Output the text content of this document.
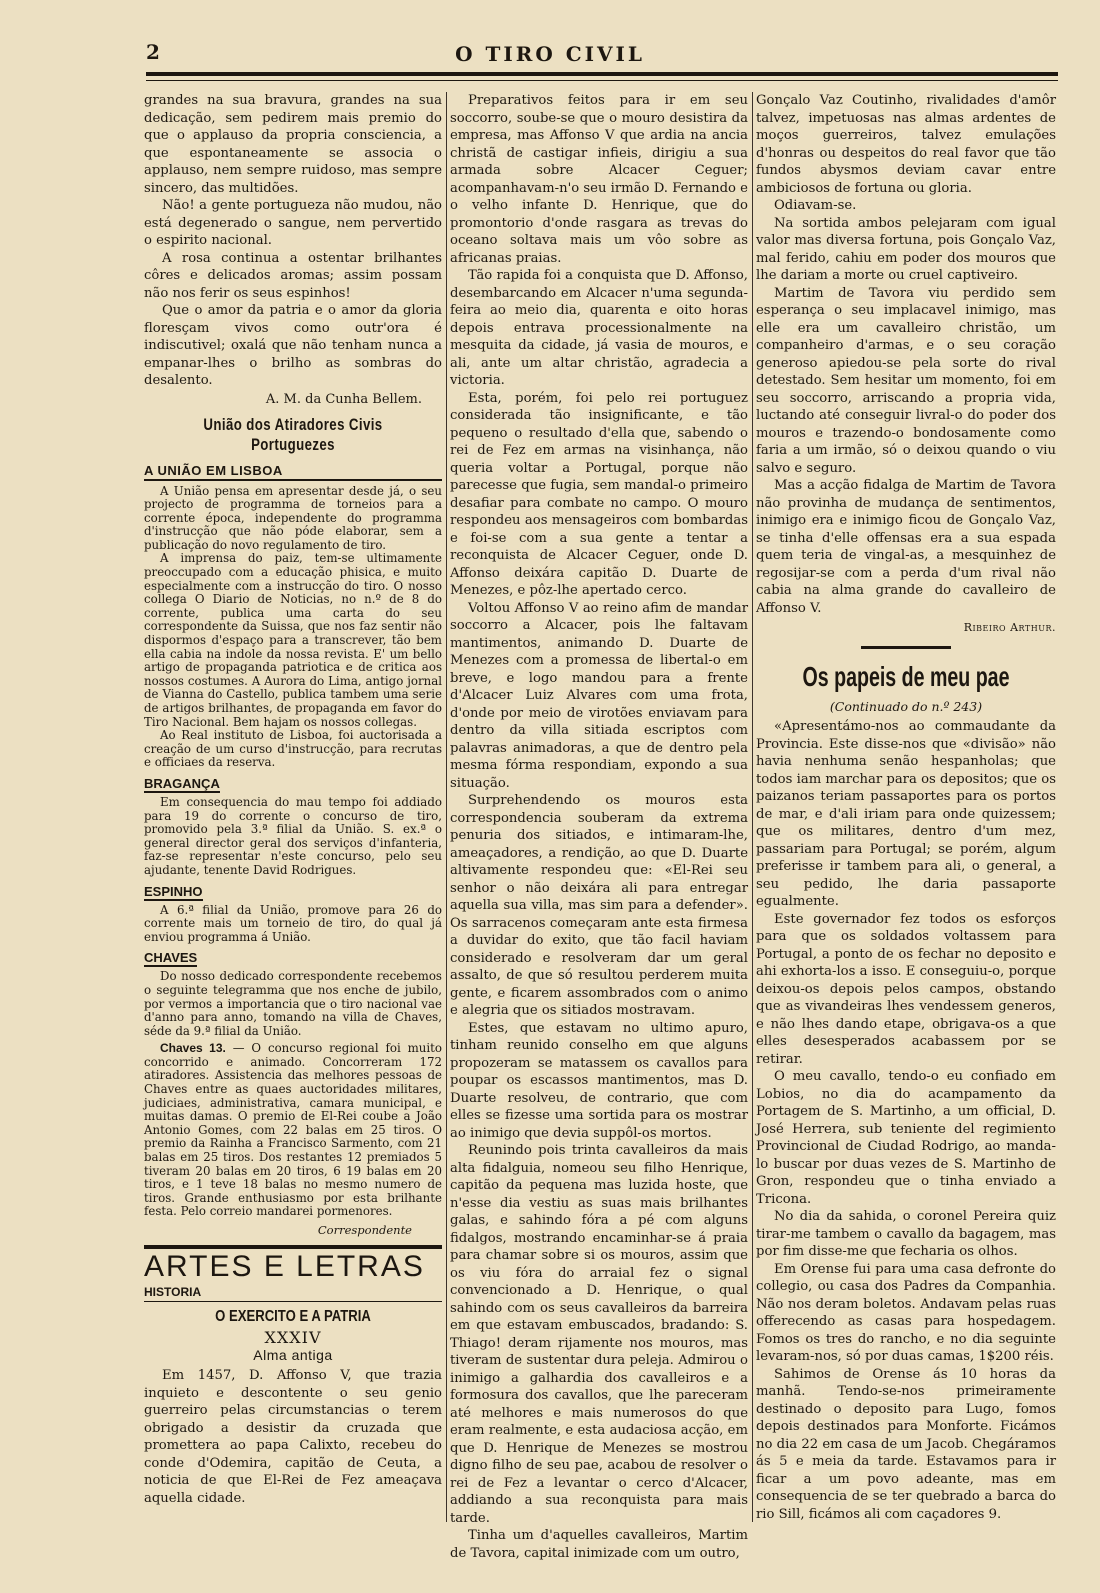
2	O TIRO CIVIL

grandes na sua bravura, grandes na sua dedicação, sem pedirem mais premio do que o applauso da propria consciencia, a que espontaneamente se associa o applauso, nem sempre ruidoso, mas sempre sincero, das multidões.

Não! a gente portugueza não mudou, não está degenerado o sangue, nem pervertido o espirito nacional.

A rosa continua a ostentar brilhantes côres e delicados aromas; assim possam não nos ferir os seus espinhos!

Que o amor da patria e o amor da gloria floresçam vivos como outr'ora é indiscutivel; oxalá que não tenham nunca a empanar-lhes o brilho as sombras do desalento.

A. M. da Cunha Bellem.

União dos Atiradores Civis Portuguezes
A UNIÃO EM LISBOA

A União pensa em apresentar desde já, o seu projecto de programma de torneios para a corrente época, independente do programma d'instrucção que não póde elaborar, sem a publicação do novo regulamento de tiro.

A imprensa do paiz, tem-se ultimamente preoccupado com a educação phisica, e muito especialmente com a instrucção do tiro. O nosso collega O Diario de Noticias, no n.º de 8 do corrente, publica uma carta do seu correspondente da Suissa, que nos faz sentir não dispormos d'espaço para a transcrever, tão bem ella cabia na indole da nossa revista. E' um bello artigo de propaganda patriotica e de critica aos nossos costumes. A Aurora do Lima, antigo jornal de Vianna do Castello, publica tambem uma serie de artigos brilhantes, de propaganda em favor do Tiro Nacional. Bem hajam os nossos collegas.

Ao Real instituto de Lisboa, foi auctorisada a creação de um curso d'instrucção, para recrutas e officiaes da reserva.

BRAGANÇA

Em consequencia do mau tempo foi addiado para 19 do corrente o concurso de tiro, promovido pela 3.ª filial da União. S. ex.ª o general director geral dos serviços d'infanteria, faz-se representar n'este concurso, pelo seu ajudante, tenente David Rodrigues.

ESPINHO

A 6.ª filial da União, promove para 26 do corrente mais um torneio de tiro, do qual já enviou programma á União.

CHAVES

Do nosso dedicado correspondente recebemos o seguinte telegramma que nos enche de jubilo, por vermos a importancia que o tiro nacional vae d'anno para anno, tomando na villa de Chaves, séde da 9.ª filial da União.

Chaves 13. — O concurso regional foi muito concorrido e animado. Concorreram 172 atiradores. Assistencia das melhores pessoas de Chaves entre as quaes auctoridades militares, judiciaes, administrativa, camara municipal, e muitas damas. O premio de El-Rei coube a João Antonio Gomes, com 22 balas em 25 tiros. O premio da Rainha a Francisco Sarmento, com 21 balas em 25 tiros. Dos restantes 12 premiados 5 tiveram 20 balas em 20 tiros, 6 19 balas em 20 tiros, e 1 teve 18 balas no mesmo numero de tiros. Grande enthusiasmo por esta brilhante festa. Pelo correio mandarei pormenores.

Correspondente

ARTES E LETRAS
HISTORIA
O EXERCITO E A PATRIA
XXXIV
Alma antiga

Em 1457, D. Affonso V, que trazia inquieto e descontente o seu genio guerreiro pelas circumstancias o terem obrigado a desistir da cruzada que promettera ao papa Calixto, recebeu do conde d'Odemira, capitão de Ceuta, a noticia de que El-Rei de Fez ameaçava aquella cidade.

Preparativos feitos para ir em seu soccorro, soube-se que o mouro desistira da empresa, mas Affonso V que ardia na ancia christã de castigar infieis, dirigiu a sua armada sobre Alcacer Ceguer; acompanhavam-n'o seu irmão D. Fernando e o velho infante D. Henrique, que do promontorio d'onde rasgara as trevas do oceano soltava mais um vôo sobre as africanas praias.

Tão rapida foi a conquista que D. Affonso, desembarcando em Alcacer n'uma segunda-feira ao meio dia, quarenta e oito horas depois entrava processionalmente na mesquita da cidade, já vasia de mouros, e ali, ante um altar christão, agradecia a victoria.

Esta, porém, foi pelo rei portuguez considerada tão insignificante, e tão pequeno o resultado d'ella que, sabendo o rei de Fez em armas na visinhança, não queria voltar a Portugal, porque não parecesse que fugia, sem mandal-o primeiro desafiar para combate no campo. O mouro respondeu aos mensageiros com bombardas e foi-se com a sua gente a tentar a reconquista de Alcacer Ceguer, onde D. Affonso deixára capitão D. Duarte de Menezes, e pôz-lhe apertado cerco.

Voltou Affonso V ao reino afim de mandar soccorro a Alcacer, pois lhe faltavam mantimentos, animando D. Duarte de Menezes com a promessa de libertal-o em breve, e logo mandou para a frente d'Alcacer Luiz Alvares com uma frota, d'onde por meio de virotões enviavam para dentro da villa sitiada escriptos com palavras animadoras, a que de dentro pela mesma fórma respondiam, expondo a sua situação.

Surprehendendo os mouros esta correspondencia souberam da extrema penuria dos sitiados, e intimaram-lhe, ameaçadores, a rendição, ao que D. Duarte altivamente respondeu que: «El-Rei seu senhor o não deixára ali para entregar aquella sua villa, mas sim para a defender». Os sarracenos começaram ante esta firmesa a duvidar do exito, que tão facil haviam considerado e resolveram dar um geral assalto, de que só resultou perderem muita gente, e ficarem assombrados com o animo e alegria que os sitiados mostravam.

Estes, que estavam no ultimo apuro, tinham reunido conselho em que alguns propozeram se matassem os cavallos para poupar os escassos mantimentos, mas D. Duarte resolveu, de contrario, que com elles se fizesse uma sortida para os mostrar ao inimigo que devia suppôl-os mortos.

Reunindo pois trinta cavalleiros da mais alta fidalguia, nomeou seu filho Henrique, capitão da pequena mas luzida hoste, que n'esse dia vestiu as suas mais brilhantes galas, e sahindo fóra a pé com alguns fidalgos, mostrando encaminhar-se á praia para chamar sobre si os mouros, assim que os viu fóra do arraial fez o signal convencionado a D. Henrique, o qual sahindo com os seus cavalleiros da barreira em que estavam embuscados, bradando: S. Thiago! deram rijamente nos mouros, mas tiveram de sustentar dura peleja. Admirou o inimigo a galhardia dos cavalleiros e a formosura dos cavallos, que lhe pareceram até melhores e mais numerosos do que eram realmente, e esta audaciosa acção, em que D. Henrique de Menezes se mostrou digno filho de seu pae, acabou de resolver o rei de Fez a levantar o cerco d'Alcacer, addiando a sua reconquista para mais tarde.

Tinha um d'aquelles cavalleiros, Martim de Tavora, capital inimizade com um outro,

Gonçalo Vaz Coutinho, rivalidades d'amôr talvez, impetuosas nas almas ardentes de moços guerreiros, talvez emulações d'honras ou despeitos do real favor que tão fundos abysmos deviam cavar entre ambiciosos de fortuna ou gloria.

Odiavam-se.

Na sortida ambos pelejaram com igual valor mas diversa fortuna, pois Gonçalo Vaz, mal ferido, cahiu em poder dos mouros que lhe dariam a morte ou cruel captiveiro.

Martim de Tavora viu perdido sem esperança o seu implacavel inimigo, mas elle era um cavalleiro christão, um companheiro d'armas, e o seu coração generoso apiedou-se pela sorte do rival detestado. Sem hesitar um momento, foi em seu soccorro, arriscando a propria vida, luctando até conseguir livral-o do poder dos mouros e trazendo-o bondosamente como faria a um irmão, só o deixou quando o viu salvo e seguro.

Mas a acção fidalga de Martim de Tavora não provinha de mudança de sentimentos, inimigo era e inimigo ficou de Gonçalo Vaz, se tinha d'elle offensas era a sua espada quem teria de vingal-as, a mesquinhez de regosijar-se com a perda d'um rival não cabia na alma grande do cavalleiro de Affonso V.

Ribeiro Arthur.

Os papeis de meu pae
(Continuado do n.º 243)

«Apresentámo-nos ao commaudante da Provincia. Este disse-nos que «divisão» não havia nenhuma senão hespanholas; que todos iam marchar para os depositos; que os paizanos teriam passaportes para os portos de mar, e d'ali iriam para onde quizessem; que os militares, dentro d'um mez, passariam para Portugal; se porém, algum preferisse ir tambem para ali, o general, a seu pedido, lhe daria passaporte egualmente.

Este governador fez todos os esforços para que os soldados voltassem para Portugal, a ponto de os fechar no deposito e ahi exhorta-los a isso. E conseguiu-o, porque deixou-os depois pelos campos, obstando que as vivandeiras lhes vendessem generos, e não lhes dando etape, obrigava-os a que elles desesperados acabassem por se retirar.

O meu cavallo, tendo-o eu confiado em Lobios, no dia do acampamento da Portagem de S. Martinho, a um official, D. José Herrera, sub teniente del regimiento Provincional de Ciudad Rodrigo, ao manda-lo buscar por duas vezes de S. Martinho de Gron, respondeu que o tinha enviado a Tricona.

No dia da sahida, o coronel Pereira quiz tirar-me tambem o cavallo da bagagem, mas por fim disse-me que fecharia os olhos.

Em Orense fui para uma casa defronte do collegio, ou casa dos Padres da Companhia. Não nos deram boletos. Andavam pelas ruas offerecendo as casas para hospedagem. Fomos os tres do rancho, e no dia seguinte levaram-nos, só por duas camas, 1$200 réis.

Sahimos de Orense ás 10 horas da manhã. Tendo-se-nos primeiramente destinado o deposito para Lugo, fomos depois destinados para Monforte. Ficámos no dia 22 em casa de um Jacob. Chegáramos ás 5 e meia da tarde. Estavamos para ir ficar a um povo adeante, mas em consequencia de se ter quebrado a barca do rio Sill, ficámos ali com caçadores 9.
